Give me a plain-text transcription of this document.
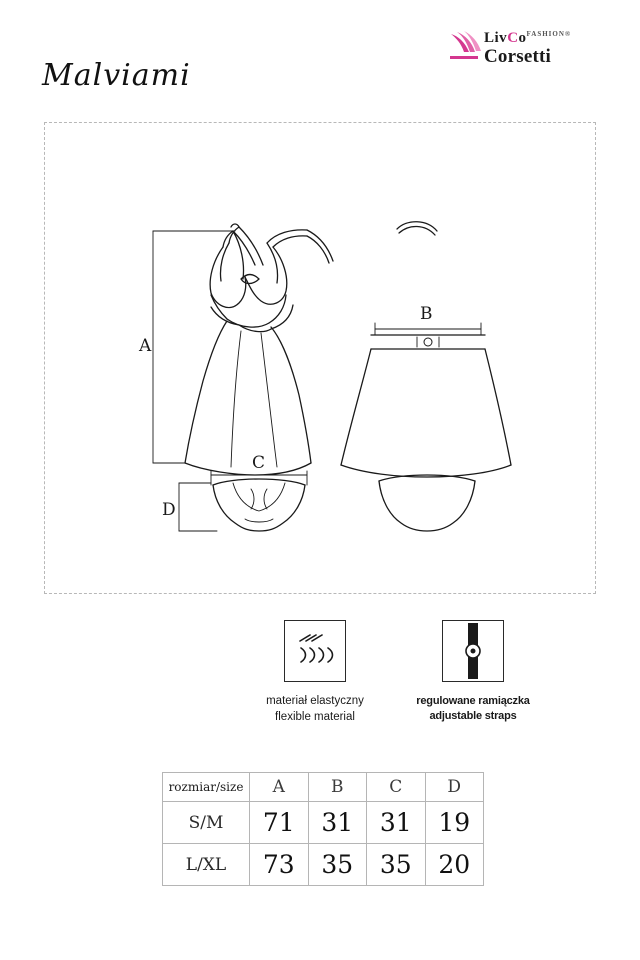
Malviami
LivCo$^{FASHION®}$
Corsetti
A
B
C
D
materiał elastyczny
flexible material
regulowane ramiączka
adjustable straps
rozmiar/size	A	B	C	D
S/M	71	31	31	19
L/XL	73	35	35	20
